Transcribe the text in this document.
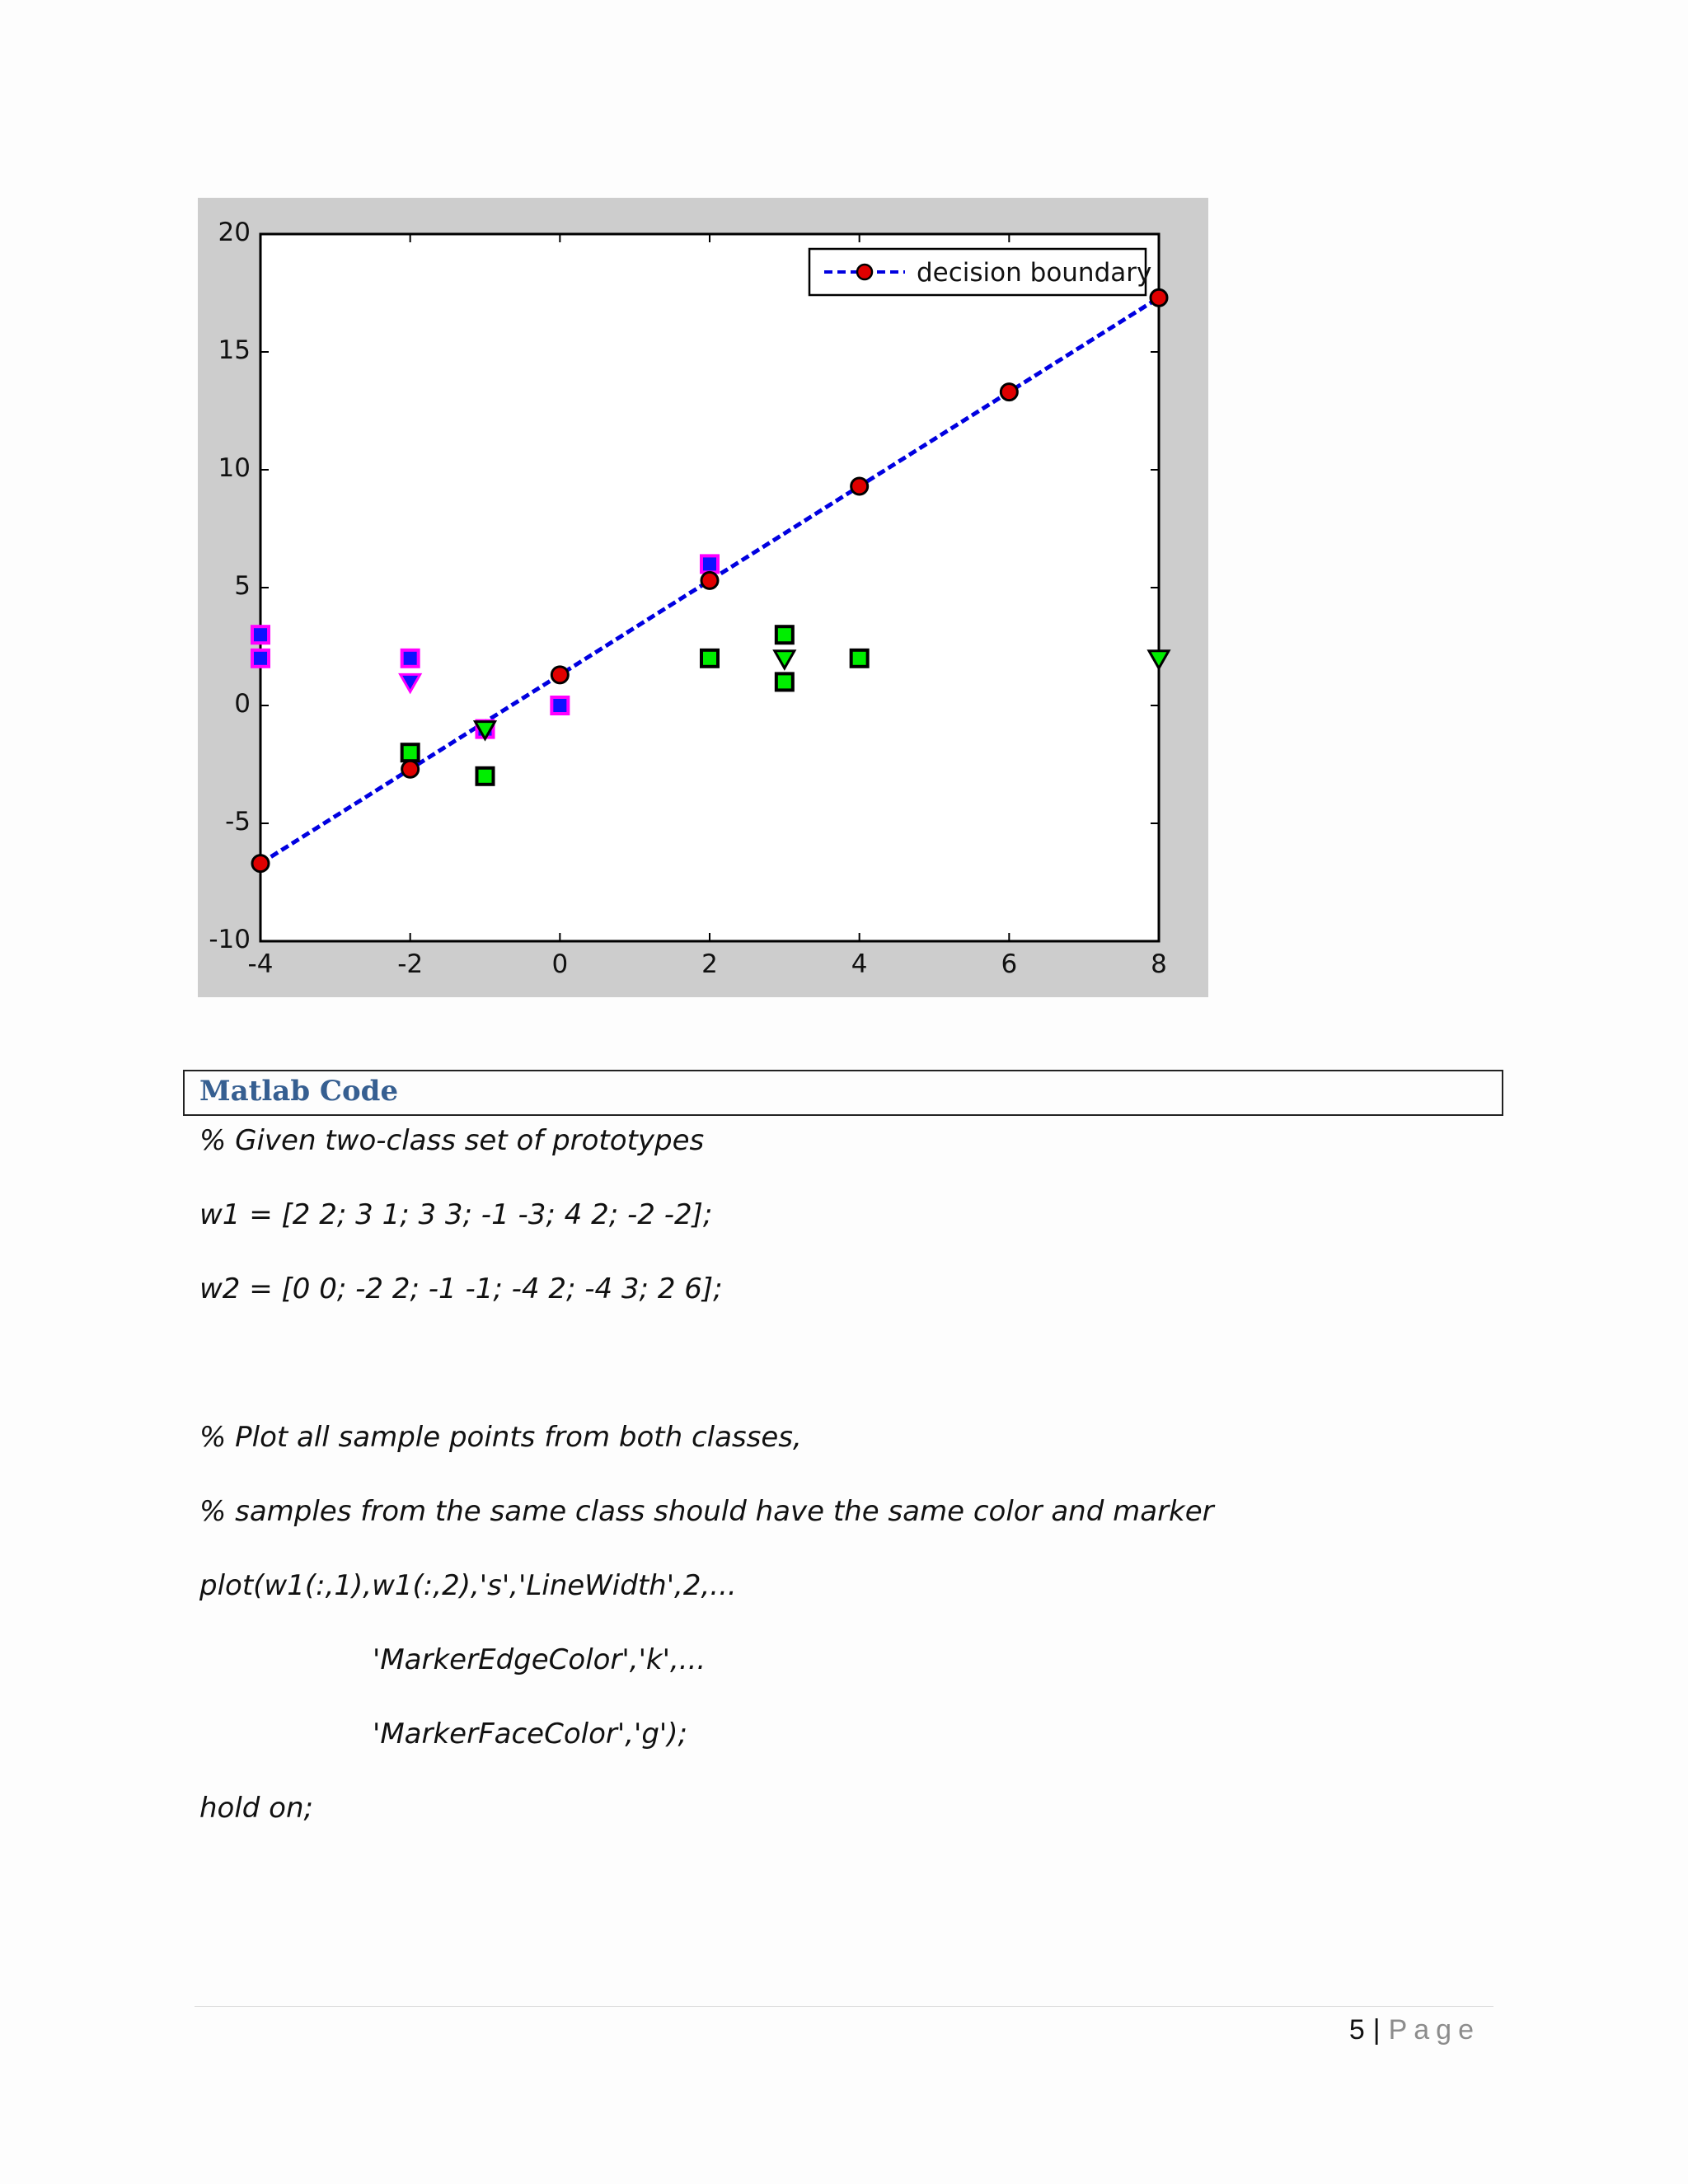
-4	-2	0	2	4	6	8
-10
-5
0
5
10
15
20
decision boundary
Matlab Code
% Given two-class set of prototypes
w1 = [2 2; 3 1; 3 3; -1 -3; 4 2; -2 -2];
w2 = [0 0; -2 2; -1 -1; -4 2; -4 3; 2 6];
% Plot all sample points from both classes,
% samples from the same class should have the same color and marker
plot(w1(:,1),w1(:,2),'s','LineWidth',2,...
'MarkerEdgeColor','k',...
'MarkerFaceColor','g');
hold on;
5 | Page
